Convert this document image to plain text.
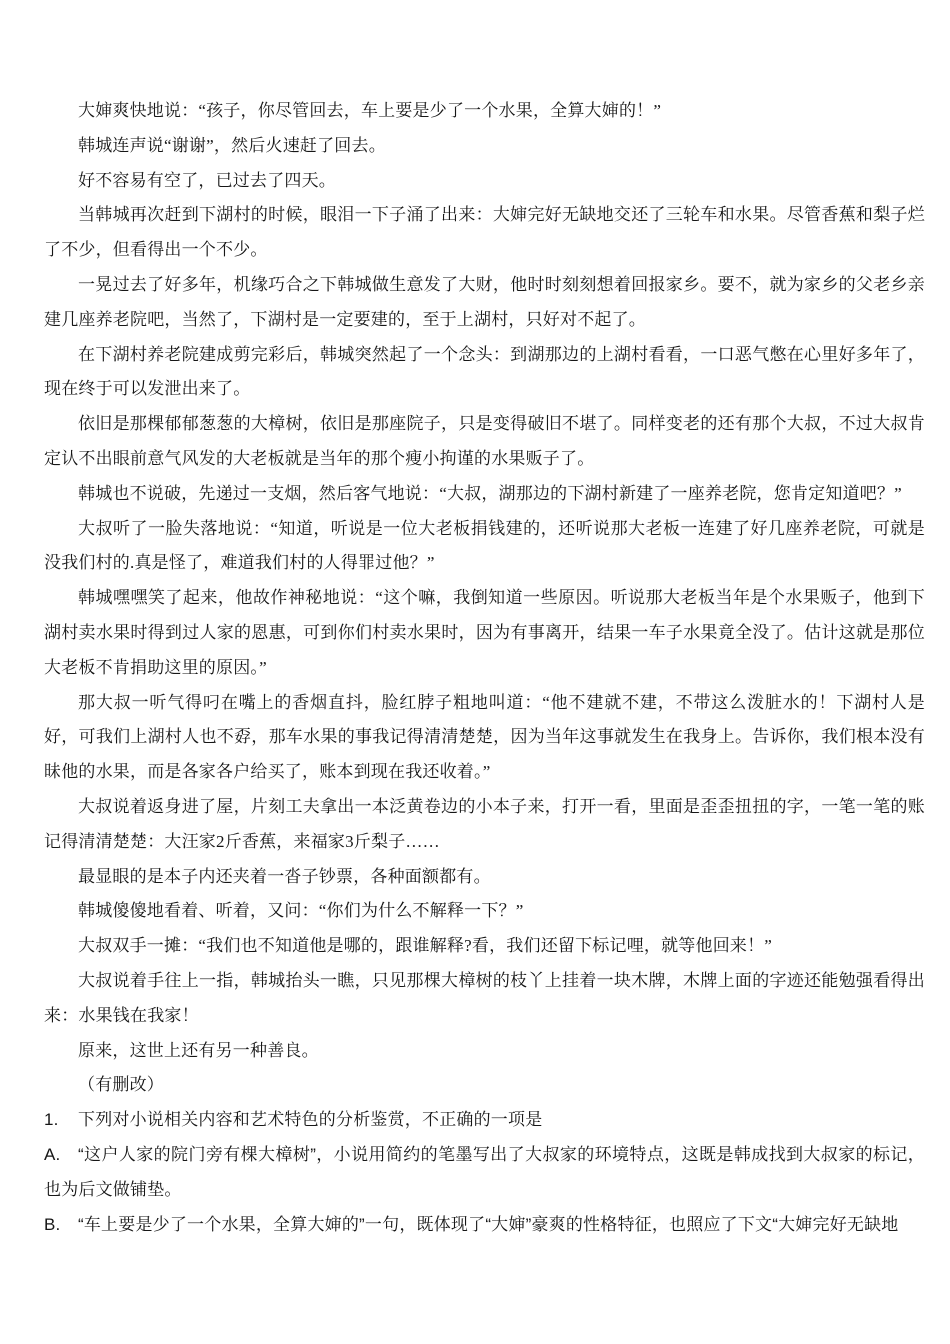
大婶爽快地说：“孩子，你尽管回去，车上要是少了一个水果，全算大婶的！”

韩城连声说“谢谢”，然后火速赶了回去。

好不容易有空了，已过去了四天。

当韩城再次赶到下湖村的时候，眼泪一下子涌了出来：大婶完好无缺地交还了三轮车和水果。尽管香蕉和梨子烂了不少，但看得出一个不少。

一晃过去了好多年，机缘巧合之下韩城做生意发了大财，他时时刻刻想着回报家乡。要不，就为家乡的父老乡亲建几座养老院吧，当然了，下湖村是一定要建的，至于上湖村，只好对不起了。

在下湖村养老院建成剪完彩后，韩城突然起了一个念头：到湖那边的上湖村看看，一口恶气憋在心里好多年了，现在终于可以发泄出来了。

依旧是那棵郁郁葱葱的大樟树，依旧是那座院子，只是变得破旧不堪了。同样变老的还有那个大叔，不过大叔肯定认不出眼前意气风发的大老板就是当年的那个瘦小拘谨的水果贩子了。

韩城也不说破，先递过一支烟，然后客气地说：“大叔，湖那边的下湖村新建了一座养老院，您肯定知道吧？”

大叔听了一脸失落地说：“知道，听说是一位大老板捐钱建的，还听说那大老板一连建了好几座养老院，可就是没我们村的.真是怪了，难道我们村的人得罪过他？”

韩城嘿嘿笑了起来，他故作神秘地说：“这个嘛，我倒知道一些原因。听说那大老板当年是个水果贩子，他到下湖村卖水果时得到过人家的恩惠，可到你们村卖水果时，因为有事离开，结果一车子水果竟全没了。估计这就是那位大老板不肯捐助这里的原因。”

那大叔一听气得叼在嘴上的香烟直抖，脸红脖子粗地叫道：“他不建就不建，不带这么泼脏水的！下湖村人是好，可我们上湖村人也不孬，那车水果的事我记得清清楚楚，因为当年这事就发生在我身上。告诉你，我们根本没有昧他的水果，而是各家各户给买了，账本到现在我还收着。”

大叔说着返身进了屋，片刻工夫拿出一本泛黄卷边的小本子来，打开一看，里面是歪歪扭扭的字，一笔一笔的账记得清清楚楚：大汪家2斤香蕉，来福家3斤梨子……

最显眼的是本子内还夹着一沓子钞票，各种面额都有。

韩城傻傻地看着、听着，又问：“你们为什么不解释一下？”

大叔双手一摊：“我们也不知道他是哪的，跟谁解释?看，我们还留下标记哩，就等他回来！”

大叔说着手往上一指，韩城抬头一瞧，只见那棵大樟树的枝丫上挂着一块木牌，木牌上面的字迹还能勉强看得出来：水果钱在我家！

原来，这世上还有另一种善良。

（有删改）

1. 下列对小说相关内容和艺术特色的分析鉴赏，不正确的一项是

A. “这户人家的院门旁有棵大樟树”，小说用简约的笔墨写出了大叔家的环境特点，这既是韩成找到大叔家的标记，也为后文做铺垫。

B. “车上要是少了一个水果，全算大婶的”一句，既体现了“大婶”豪爽的性格特征，也照应了下文“大婶完好无缺地
